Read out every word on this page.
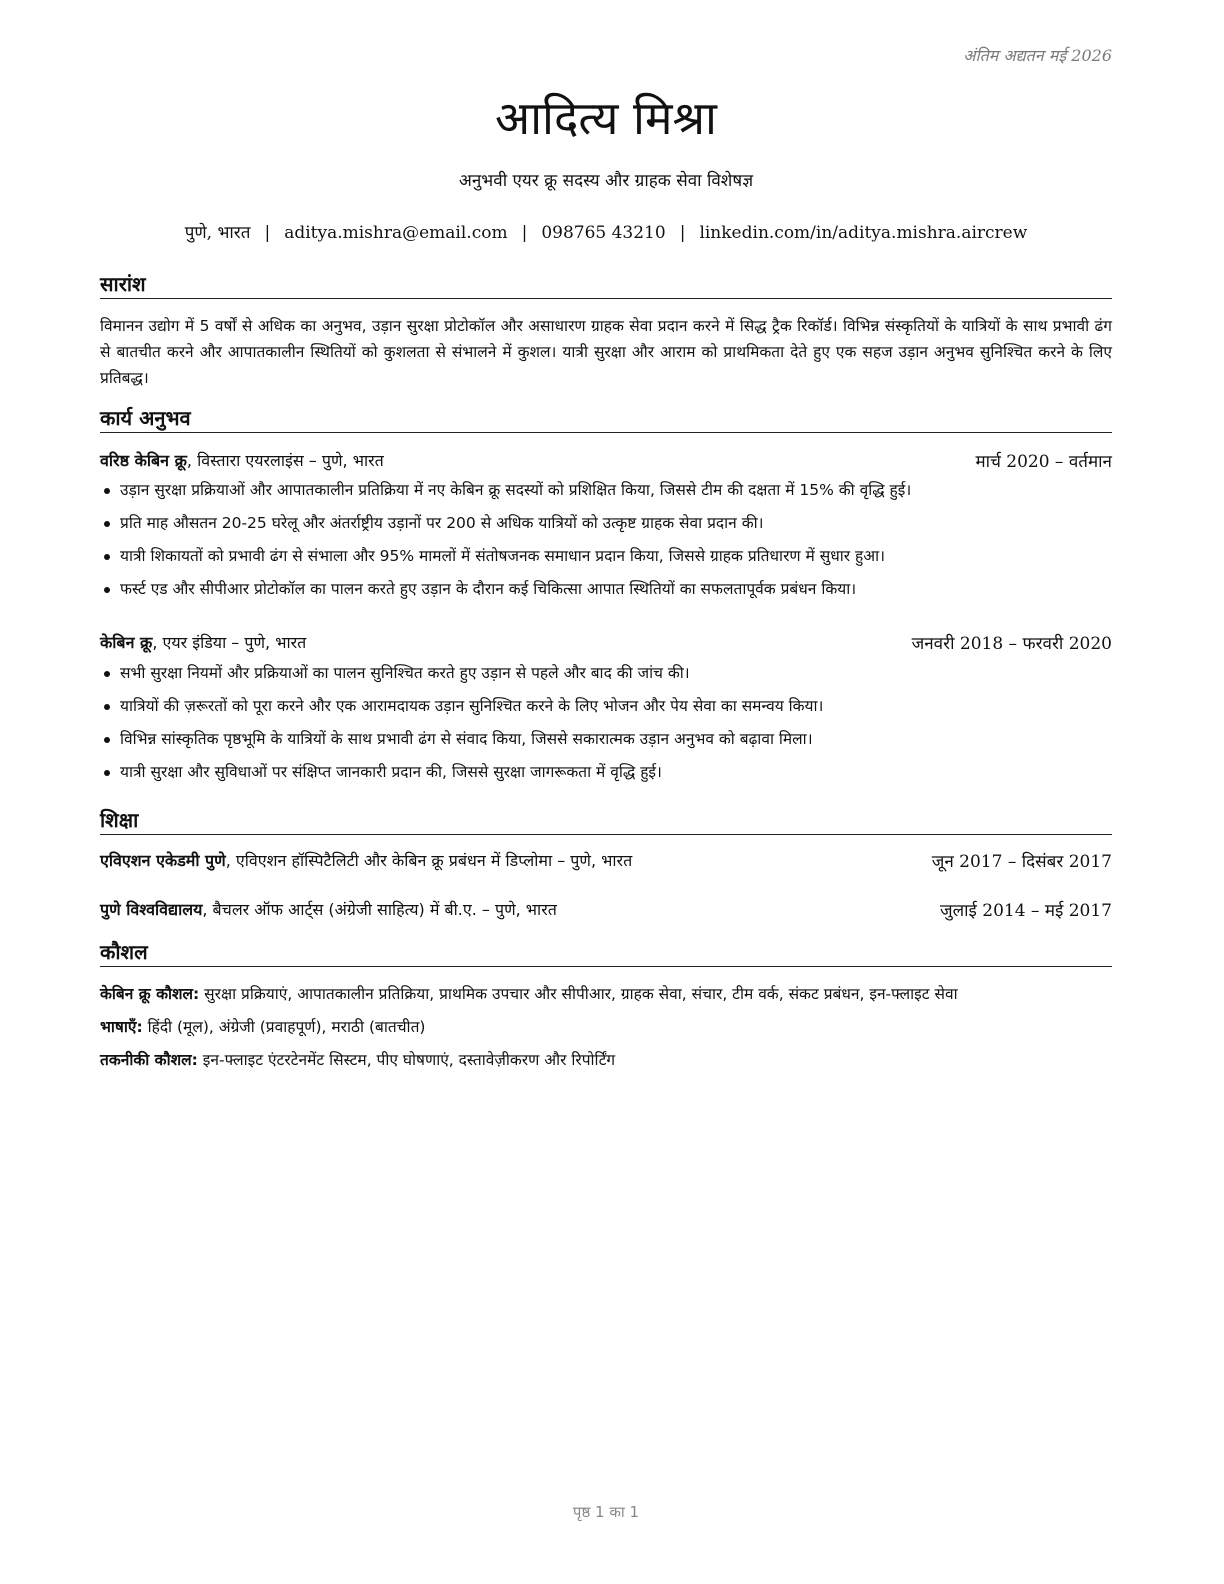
अंतिम अद्यतन मई 2026
आदित्य मिश्रा
अनुभवी एयर क्रू सदस्य और ग्राहक सेवा विशेषज्ञ
पुणे, भारत | aditya.mishra@email.com | 098765 43210 | linkedin.com/in/aditya.mishra.aircrew
सारांश
विमानन उद्योग में 5 वर्षों से अधिक का अनुभव, उड़ान सुरक्षा प्रोटोकॉल और असाधारण ग्राहक सेवा प्रदान करने में सिद्ध ट्रैक रिकॉर्ड। विभिन्न संस्कृतियों के यात्रियों के साथ प्रभावी ढंग से बातचीत करने और आपातकालीन स्थितियों को कुशलता से संभालने में कुशल। यात्री सुरक्षा और आराम को प्राथमिकता देते हुए एक सहज उड़ान अनुभव सुनिश्चित करने के लिए प्रतिबद्ध।
कार्य अनुभव
वरिष्ठ केबिन क्रू, विस्तारा एयरलाइंस – पुणे, भारत	मार्च 2020 – वर्तमान
उड़ान सुरक्षा प्रक्रियाओं और आपातकालीन प्रतिक्रिया में नए केबिन क्रू सदस्यों को प्रशिक्षित किया, जिससे टीम की दक्षता में 15% की वृद्धि हुई।
प्रति माह औसतन 20-25 घरेलू और अंतर्राष्ट्रीय उड़ानों पर 200 से अधिक यात्रियों को उत्कृष्ट ग्राहक सेवा प्रदान की।
यात्री शिकायतों को प्रभावी ढंग से संभाला और 95% मामलों में संतोषजनक समाधान प्रदान किया, जिससे ग्राहक प्रतिधारण में सुधार हुआ।
फर्स्ट एड और सीपीआर प्रोटोकॉल का पालन करते हुए उड़ान के दौरान कई चिकित्सा आपात स्थितियों का सफलतापूर्वक प्रबंधन किया।
केबिन क्रू, एयर इंडिया – पुणे, भारत	जनवरी 2018 – फरवरी 2020
सभी सुरक्षा नियमों और प्रक्रियाओं का पालन सुनिश्चित करते हुए उड़ान से पहले और बाद की जांच की।
यात्रियों की ज़रूरतों को पूरा करने और एक आरामदायक उड़ान सुनिश्चित करने के लिए भोजन और पेय सेवा का समन्वय किया।
विभिन्न सांस्कृतिक पृष्ठभूमि के यात्रियों के साथ प्रभावी ढंग से संवाद किया, जिससे सकारात्मक उड़ान अनुभव को बढ़ावा मिला।
यात्री सुरक्षा और सुविधाओं पर संक्षिप्त जानकारी प्रदान की, जिससे सुरक्षा जागरूकता में वृद्धि हुई।
शिक्षा
एविएशन एकेडमी पुणे, एविएशन हॉस्पिटैलिटी और केबिन क्रू प्रबंधन में डिप्लोमा – पुणे, भारत	जून 2017 – दिसंबर 2017
पुणे विश्वविद्यालय, बैचलर ऑफ आर्ट्स (अंग्रेजी साहित्य) में बी.ए. – पुणे, भारत	जुलाई 2014 – मई 2017
कौशल
केबिन क्रू कौशल: सुरक्षा प्रक्रियाएं, आपातकालीन प्रतिक्रिया, प्राथमिक उपचार और सीपीआर, ग्राहक सेवा, संचार, टीम वर्क, संकट प्रबंधन, इन-फ्लाइट सेवा
भाषाएँ: हिंदी (मूल), अंग्रेजी (प्रवाहपूर्ण), मराठी (बातचीत)
तकनीकी कौशल: इन-फ्लाइट एंटरटेनमेंट सिस्टम, पीए घोषणाएं, दस्तावेज़ीकरण और रिपोर्टिंग
पृष्ठ 1 का 1
